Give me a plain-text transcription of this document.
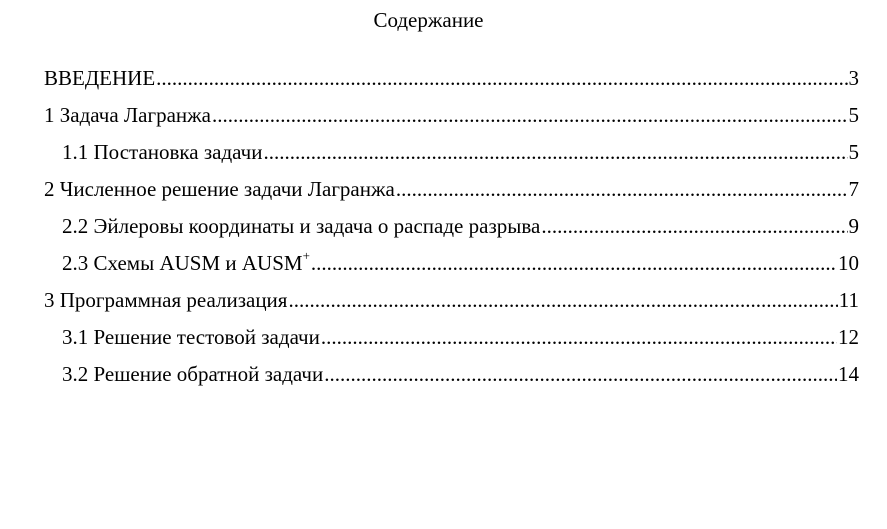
Содержание
ВВЕДЕНИЕ .....	3
1 Задача Лагранжа .....	5
1.1 Постановка задачи .....	5
2 Численное решение задачи Лагранжа .....	7
2.2 Эйлеровы координаты и задача о распаде разрыва .....	9
2.3 Схемы AUSM и AUSM+ .....	10
3 Программная реализация .....	11
3.1 Решение тестовой задачи .....	12
3.2 Решение обратной задачи .....	14
